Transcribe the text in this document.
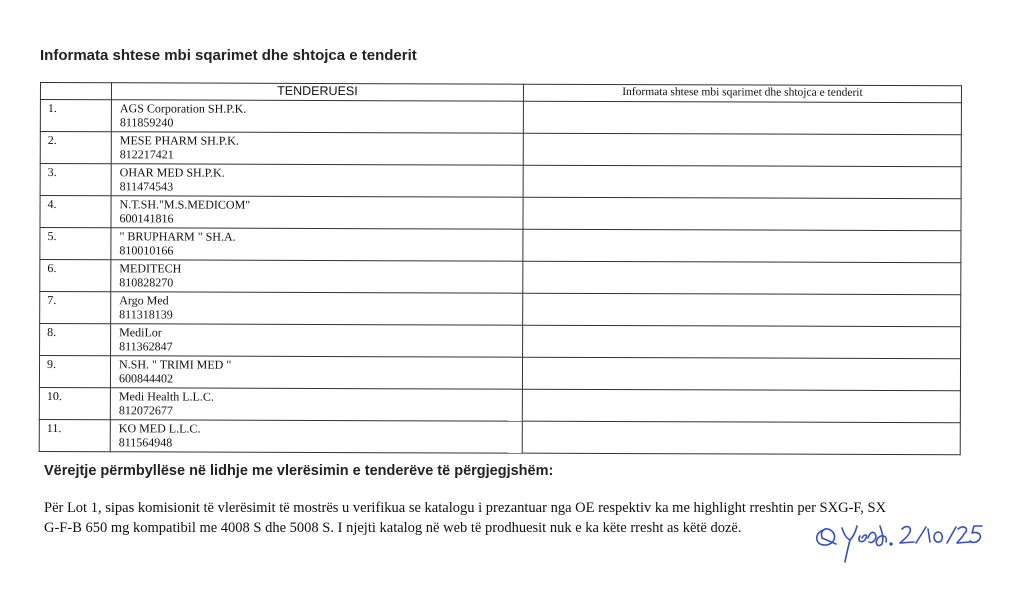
Informata shtese mbi sqarimet dhe shtojca e tenderit
	TENDERUESI	Informata shtese mbi sqarimet dhe shtojca e tenderit
1.	AGS Corporation SH.P.K.
811859240	

2.	MESE PHARM SH.P.K.
812217421	

3.	OHAR MED SH.P.K.
811474543	

4.	N.T.SH."M.S.MEDICOM"
600141816	

5.	" BRUPHARM " SH.A.
810010166	

6.	MEDITECH
810828270	

7.	Argo Med
811318139	

8.	MediLor
811362847	

9.	N.SH. " TRIMI MED "
600844402	

10.	Medi Health L.L.C.
812072677	

11.	KO MED L.L.C.
811564948	

Vërejtje përmbyllëse në lidhje me vlerësimin e tenderëve të përgjegjshëm:

Për Lot 1, sipas komisionit të vlerësimit të mostrës u verifikua se katalogu i prezantuar nga OE respektiv ka me highlight rreshtin per SXG-F, SX
G-F-B 650 mg kompatibil me 4008 S dhe 5008 S. I njejti katalog në web të prodhuesit nuk e ka këte rresht as këtë dozë.
